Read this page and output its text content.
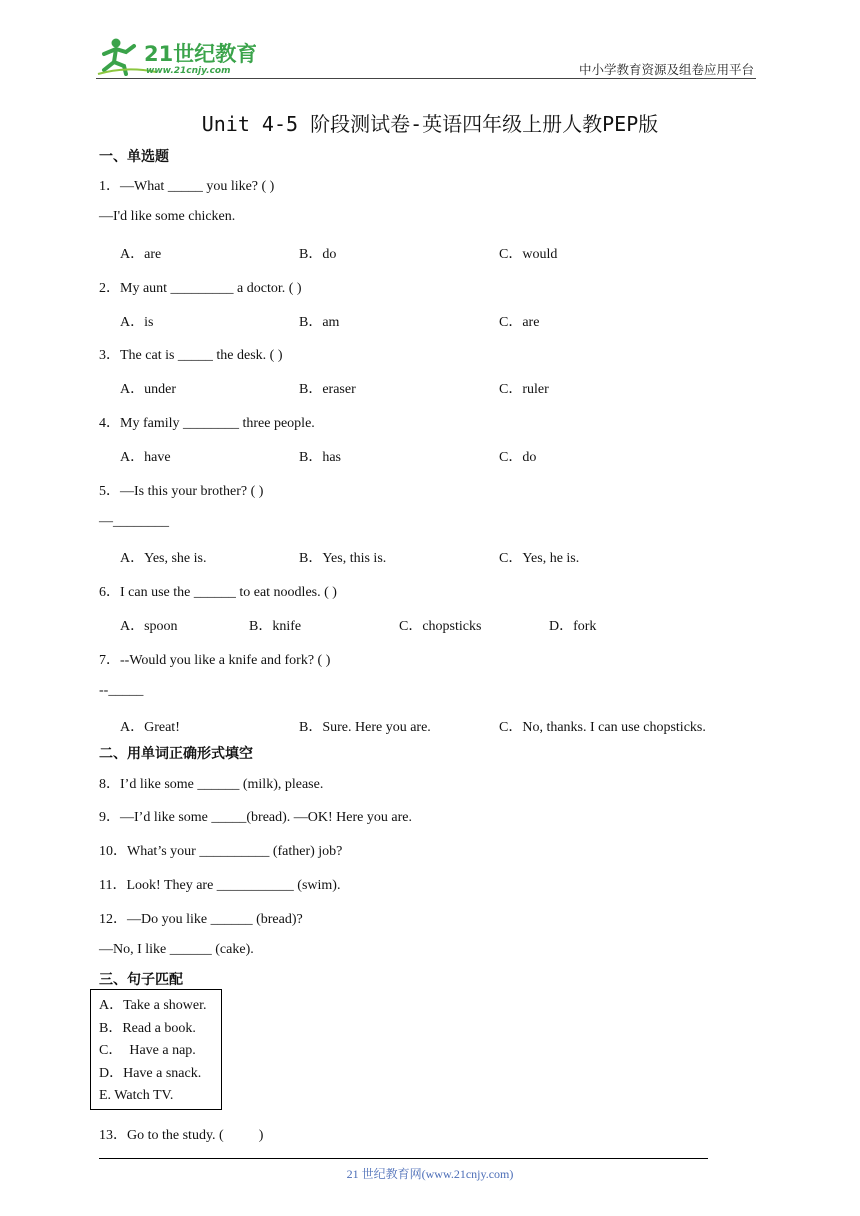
21世纪教育
www.21cnjy.com	中小学教育资源及组卷应用平台
Unit 4-5 阶段测试卷-英语四年级上册人教PEP版
一、单选题
1．—What _____ you like? ( )
—I'd like some chicken.
A．are	B．do	C．would
2．My aunt _________ a doctor. ( )
A．is	B．am	C．are
3．The cat is _____ the desk. ( )
A．under	B．eraser	C．ruler
4．My family ________ three people.
A．have	B．has	C．do
5．—Is this your brother? ( )
—________
A．Yes, she is.	B．Yes, this is.	C．Yes, he is.
6．I can use the ______ to eat noodles. ( )
A．spoon	B．knife	C．chopsticks	D．fork
7．--Would you like a knife and fork? ( )
--_____
A．Great!	B．Sure. Here you are.	C．No, thanks. I can use chopsticks.
二、用单词正确形式填空
8．I’d like some ______ (milk), please.
9．—I’d like some _____(bread). —OK! Here you are.
10．What’s your __________ (father) job?
11．Look! They are ___________ (swim).
12．—Do you like ______ (bread)?
—No, I like ______ (cake).
三、句子匹配
A．Take a shower.
B．Read a book.
C．  Have a nap.
D．Have a snack.
E. Watch TV.
13．Go to the study. (          )
21 世纪教育网(www.21cnjy.com)
